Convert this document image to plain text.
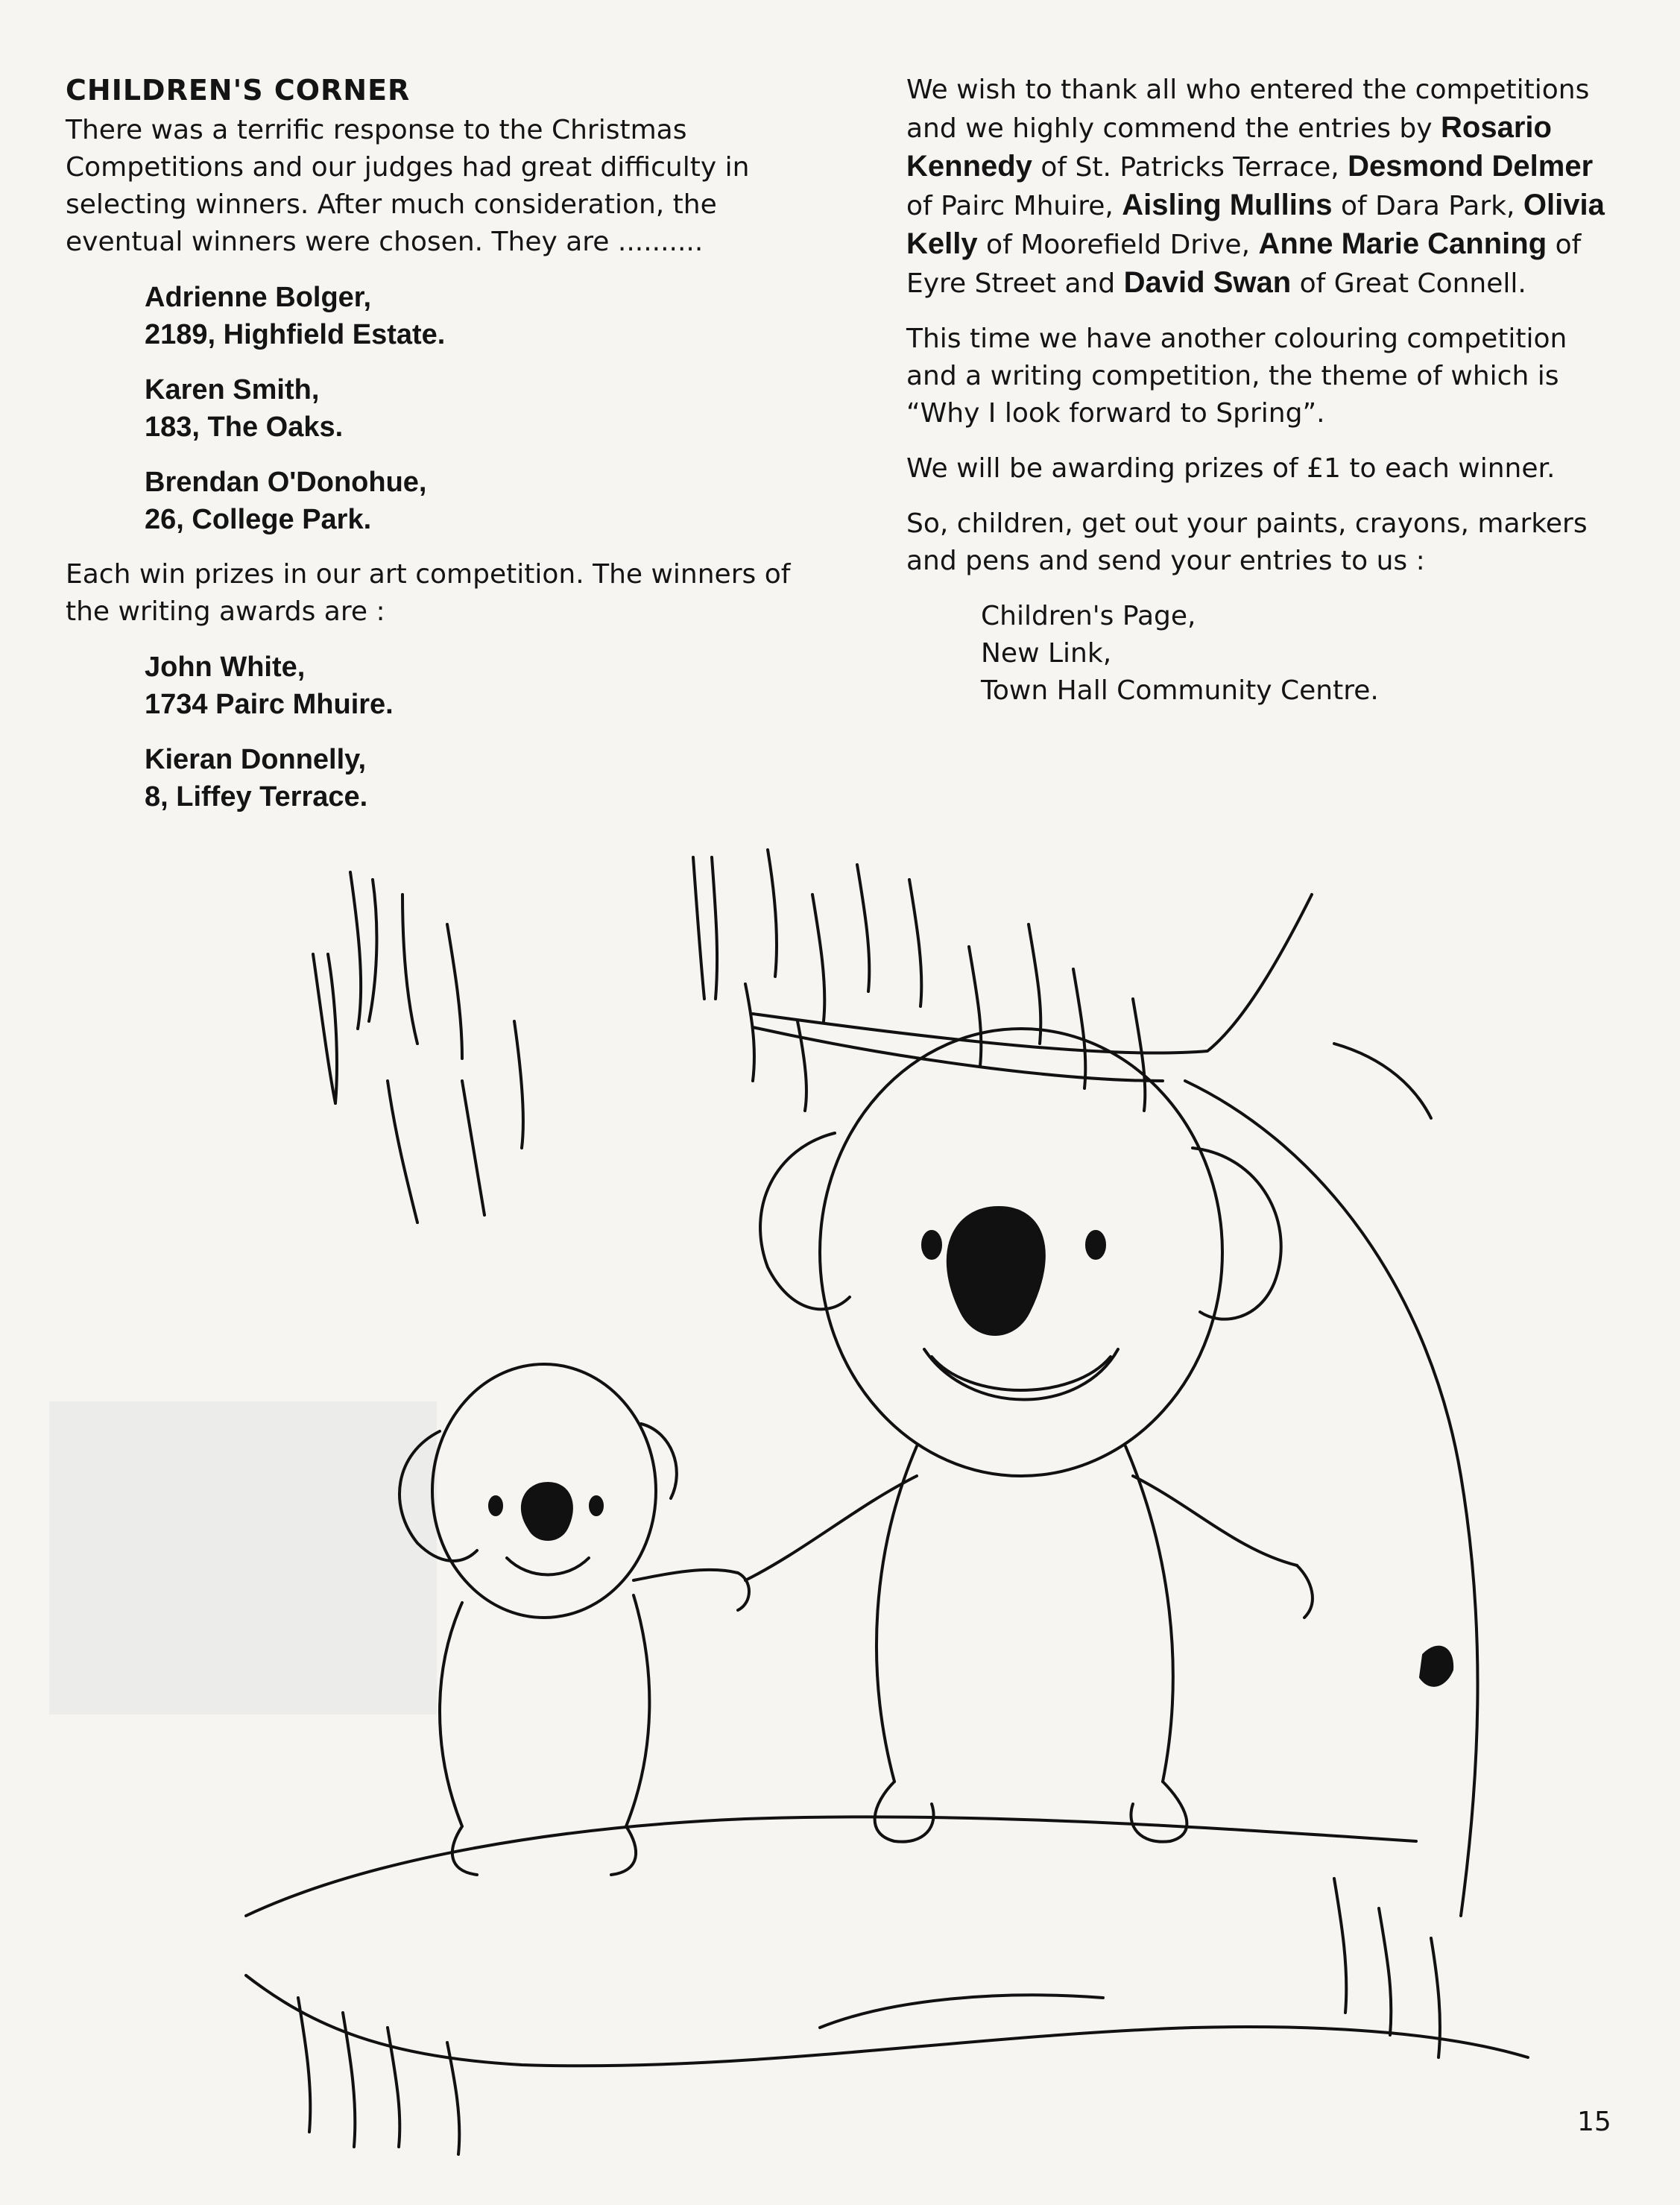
CHILDREN'S CORNER

There was a terrific response to the Christmas Competitions and our judges had great difficulty in selecting winners. After much consideration, the eventual winners were chosen. They are ..........

Adrienne Bolger,
2189, Highfield Estate.
Karen Smith,
183, The Oaks.
Brendan O'Donohue,
26, College Park.

Each win prizes in our art competition. The winners of the writing awards are :

John White,
1734 Pairc Mhuire.
Kieran Donnelly,
8, Liffey Terrace.

We wish to thank all who entered the competitions and we highly commend the entries by Rosario Kennedy of St. Patricks Terrace, Desmond Delmer of Pairc Mhuire, Aisling Mullins of Dara Park, Olivia Kelly of Moorefield Drive, Anne Marie Canning of Eyre Street and David Swan of Great Connell.

This time we have another colouring competition and a writing competition, the theme of which is “Why I look forward to Spring”.

We will be awarding prizes of £1 to each winner.

So, children, get out your paints, crayons, markers and pens and send your entries to us :

Children's Page,
New Link,
Town Hall Community Centre.
15
